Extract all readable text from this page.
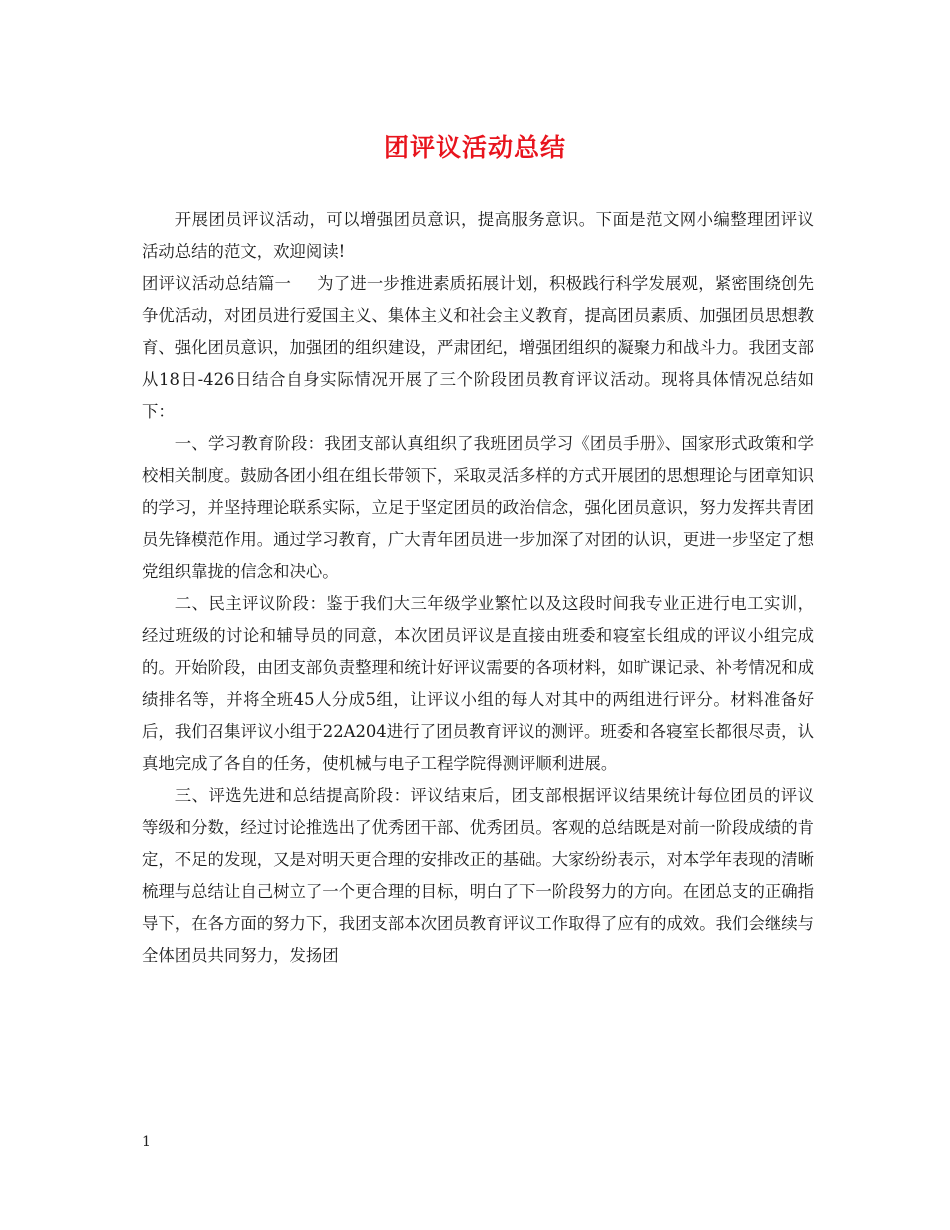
团评议活动总结

开展团员评议活动，可以增强团员意识，提高服务意识。下面是范文网小编整理团评议活动总结的范文，欢迎阅读!

团评议活动总结篇一 为了进一步推进素质拓展计划，积极践行科学发展观，紧密围绕创先争优活动，对团员进行爱国主义、集体主义和社会主义教育，提高团员素质、加强团员思想教育、强化团员意识，加强团的组织建设，严肃团纪，增强团组织的凝聚力和战斗力。我团支部从18日-426日结合自身实际情况开展了三个阶段团员教育评议活动。现将具体情况总结如下：

一、学习教育阶段：我团支部认真组织了我班团员学习《团员手册》、国家形式政策和学校相关制度。鼓励各团小组在组长带领下，采取灵活多样的方式开展团的思想理论与团章知识的学习，并坚持理论联系实际，立足于坚定团员的政治信念，强化团员意识，努力发挥共青团员先锋模范作用。通过学习教育，广大青年团员进一步加深了对团的认识，更进一步坚定了想党组织靠拢的信念和决心。

二、民主评议阶段：鉴于我们大三年级学业繁忙以及这段时间我专业正进行电工实训，经过班级的讨论和辅导员的同意，本次团员评议是直接由班委和寝室长组成的评议小组完成的。开始阶段，由团支部负责整理和统计好评议需要的各项材料，如旷课记录、补考情况和成绩排名等，并将全班45人分成5组，让评议小组的每人对其中的两组进行评分。材料准备好后，我们召集评议小组于22A204进行了团员教育评议的测评。班委和各寝室长都很尽责，认真地完成了各自的任务，使机械与电子工程学院得测评顺利进展。

三、评选先进和总结提高阶段：评议结束后，团支部根据评议结果统计每位团员的评议等级和分数，经过讨论推选出了优秀团干部、优秀团员。客观的总结既是对前一阶段成绩的肯定，不足的发现，又是对明天更合理的安排改正的基础。大家纷纷表示，对本学年表现的清晰梳理与总结让自己树立了一个更合理的目标，明白了下一阶段努力的方向。在团总支的正确指导下，在各方面的努力下，我团支部本次团员教育评议工作取得了应有的成效。我们会继续与全体团员共同努力，发扬团

1
